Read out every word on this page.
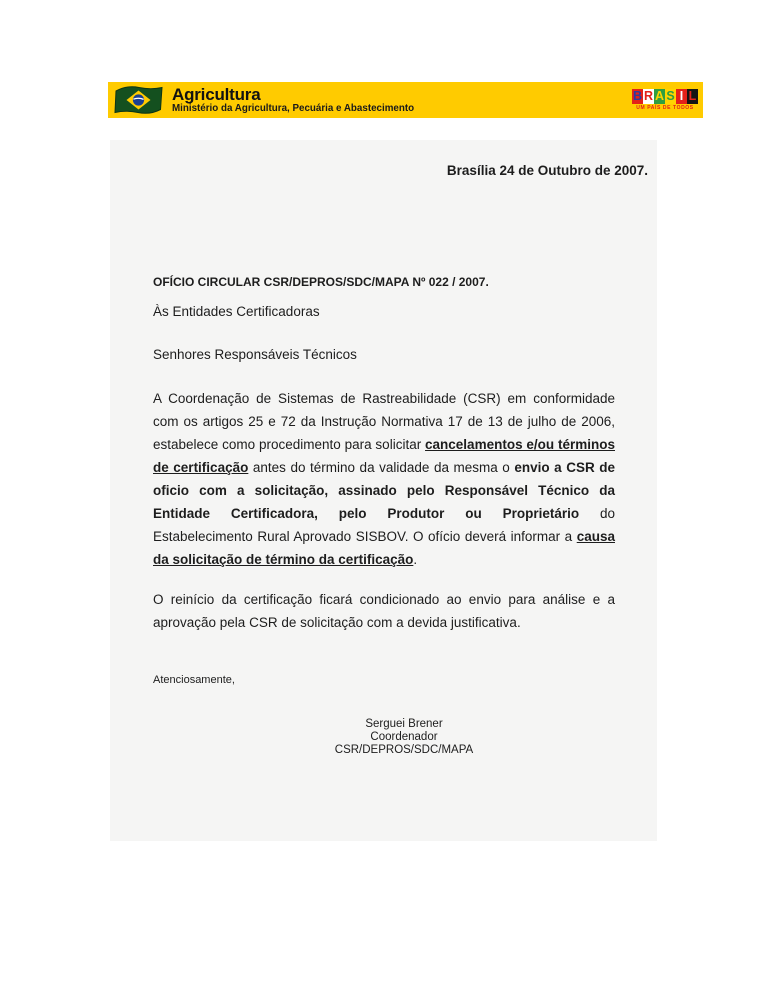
Agricultura
Ministério da Agricultura, Pecuária e Abastecimento
B R A S I L
UM PAÍS DE TODOS
Brasília 24 de Outubro de 2007.
OFÍCIO CIRCULAR CSR/DEPROS/SDC/MAPA Nº 022 / 2007.
Às Entidades Certificadoras
Senhores Responsáveis Técnicos
A Coordenação de Sistemas de Rastreabilidade (CSR) em conformidade com os artigos 25 e 72 da Instrução Normativa 17 de 13 de julho de 2006, estabelece como procedimento para solicitar cancelamentos e/ou términos de certificação antes do término da validade da mesma o envio a CSR de oficio com a solicitação, assinado pelo Responsável Técnico da Entidade Certificadora, pelo Produtor ou Proprietário do Estabelecimento Rural Aprovado SISBOV. O ofício deverá informar a causa da solicitação de término da certificação.
O reinício da certificação ficará condicionado ao envio para análise e a aprovação pela CSR de solicitação com a devida justificativa.
Atenciosamente,
Serguei Brener
Coordenador
CSR/DEPROS/SDC/MAPA
